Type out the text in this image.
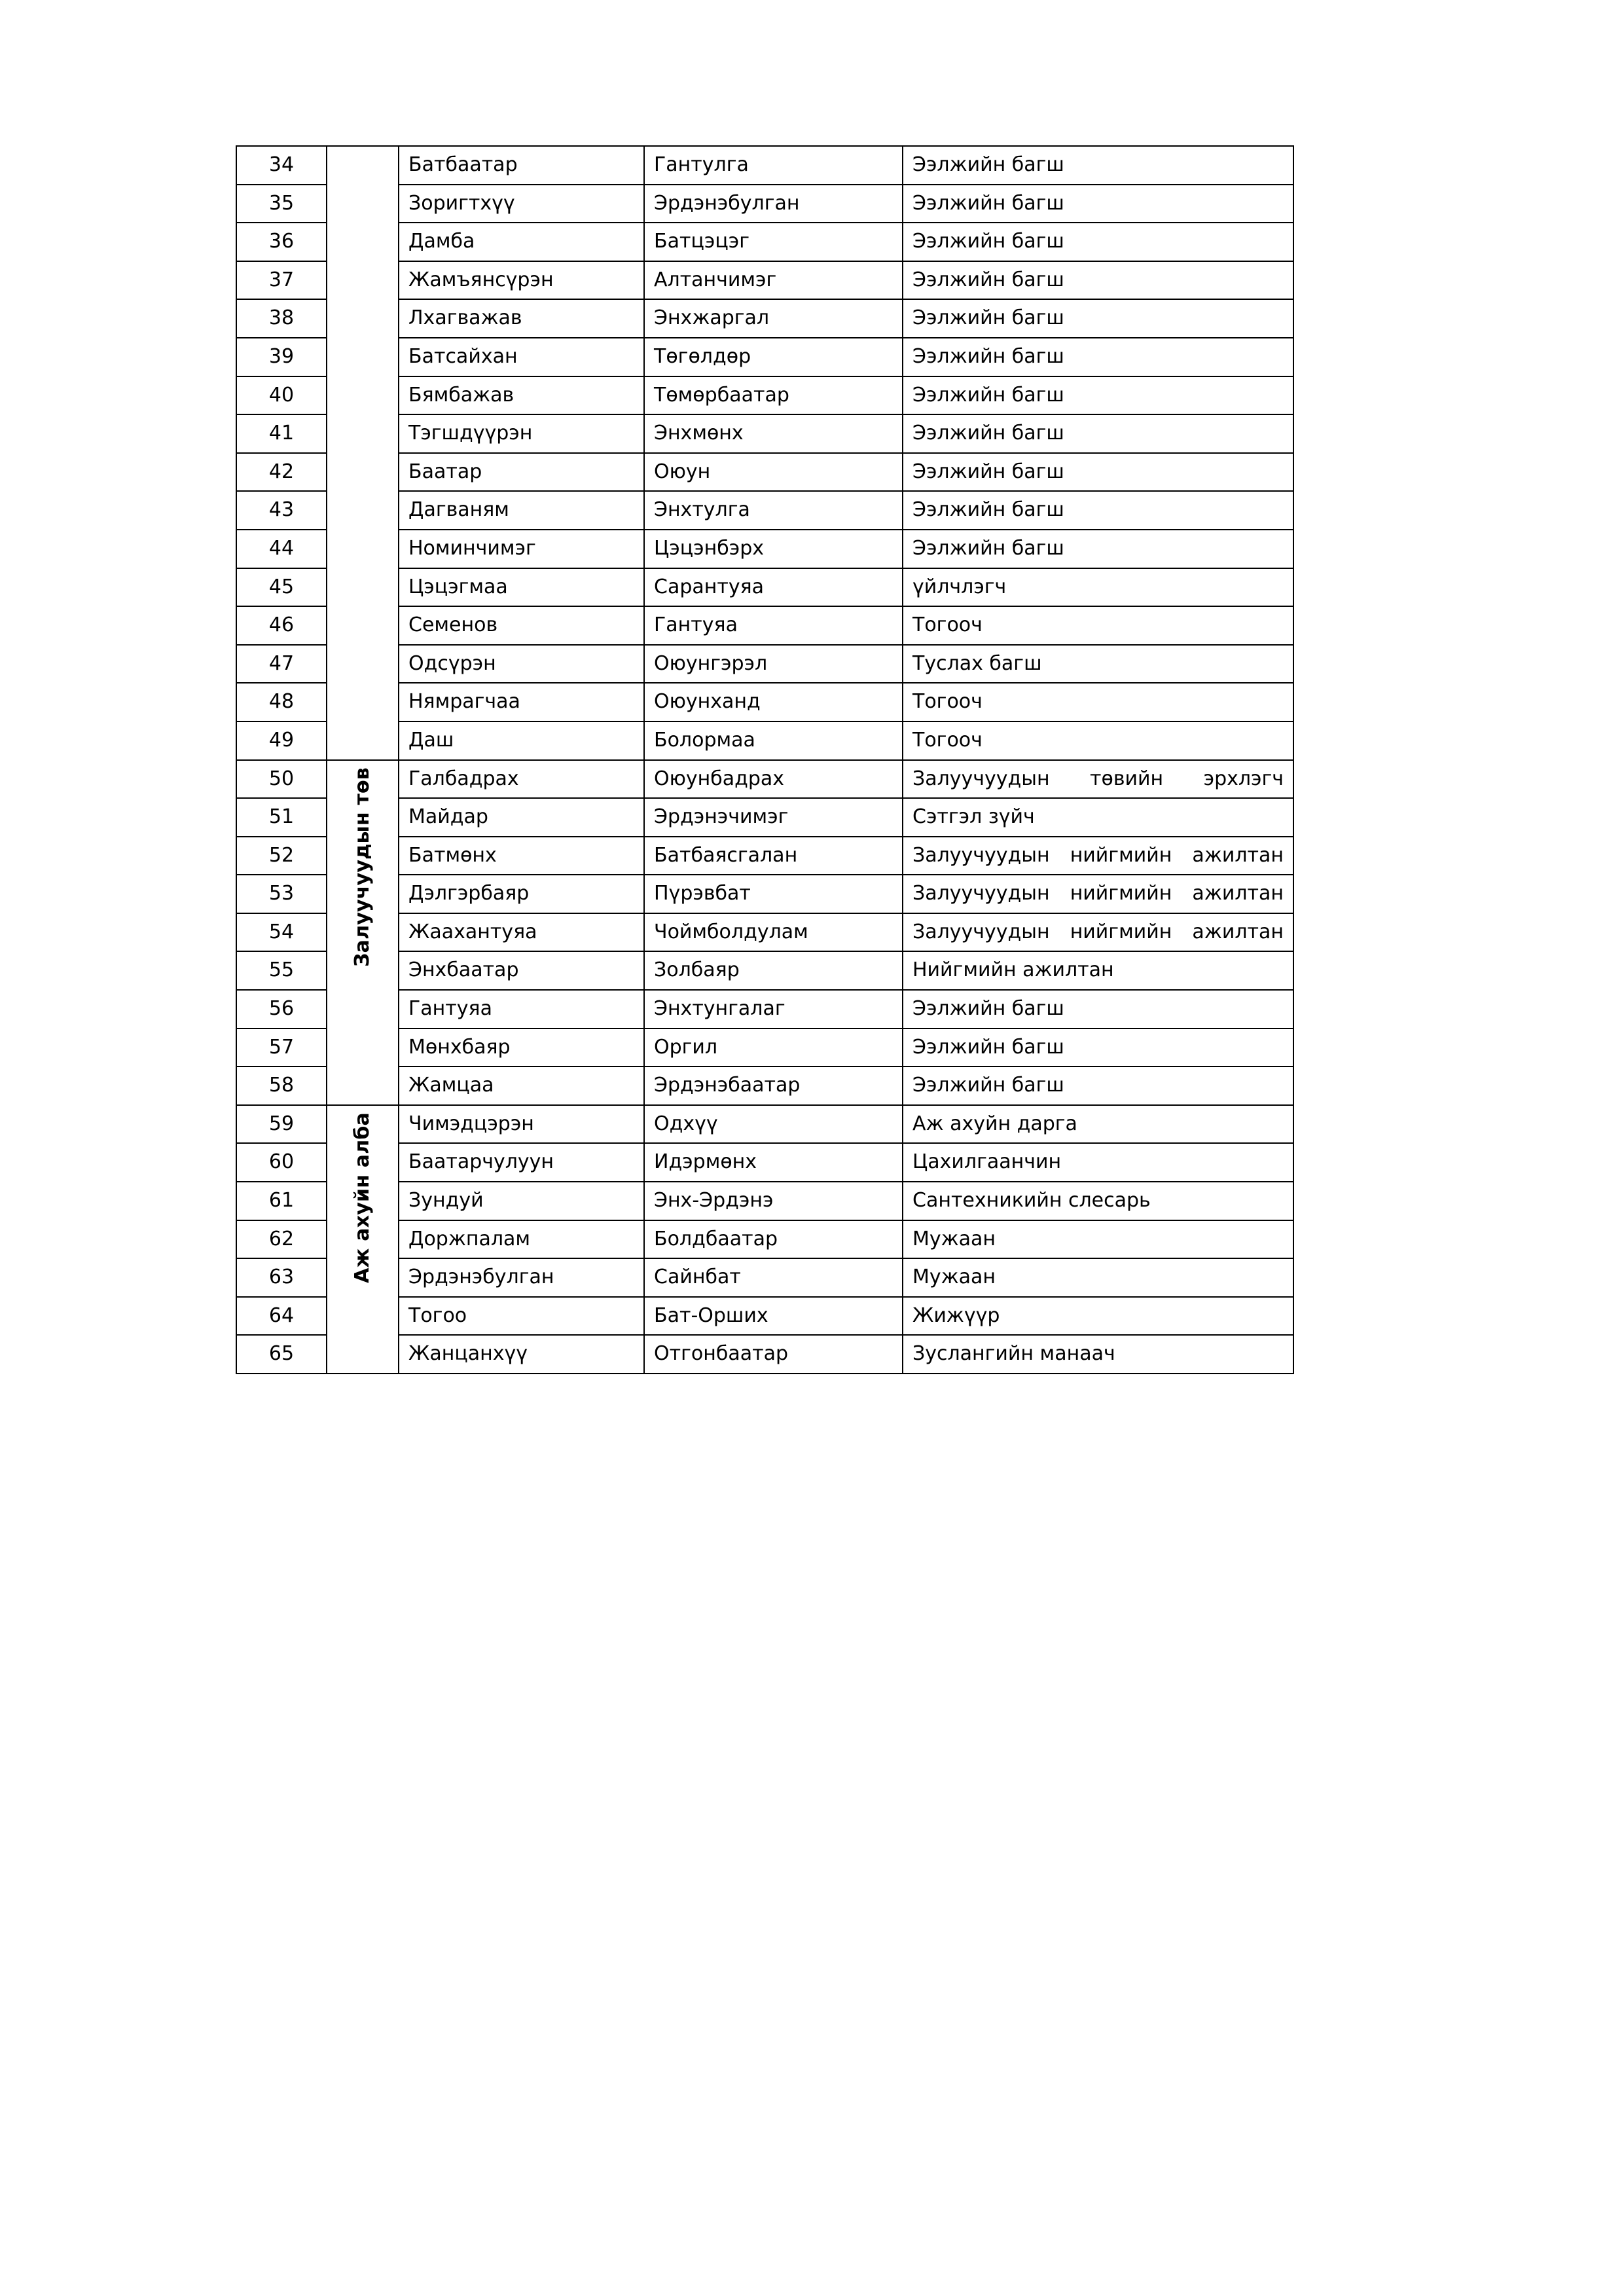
34		Батбаатар	Гантулга	Ээлжийн багш	
35		Зоригтхүү	Эрдэнэбулган	Ээлжийн багш	
36		Дамба	Батцэцэг	Ээлжийн багш	
37		Жамъянсүрэн	Алтанчимэг	Ээлжийн багш	
38		Лхагважав	Энхжаргал	Ээлжийн багш	
39		Батсайхан	Төгөлдөр	Ээлжийн багш	
40		Бямбажав	Төмөрбаатар	Ээлжийн багш	
41		Тэгшдүүрэн	Энхмөнх	Ээлжийн багш	
42		Баатар	Оюун	Ээлжийн багш	
43		Дагваням	Энхтулга	Ээлжийн багш	
44		Номинчимэг	Цэцэнбэрх	Ээлжийн багш	
45		Цэцэгмаа	Сарантуяа	үйлчлэгч	
46		Семенов	Гантуяа	Тогооч	
47		Одсүрэн	Оюунгэрэл	Туслах багш	
48		Нямрагчаа	Оюунханд	Тогооч	
49		Даш	Болормаа	Тогооч	
50	Залуучуудын төв	Галбадрах	Оюунбадрах	Залуучуудын төвийн эрхлэгч	
51		Майдар	Эрдэнэчимэг	Сэтгэл зүйч	
52		Батмөнх	Батбаясгалан	Залуучуудын нийгмийн ажилтан	
53		Дэлгэрбаяр	Пүрэвбат	Залуучуудын нийгмийн ажилтан	
54		Жаахантуяа	Чоймболдулам	Залуучуудын нийгмийн ажилтан	
55		Энхбаатар	Золбаяр	Нийгмийн ажилтан	
56		Гантуяа	Энхтунгалаг	Ээлжийн багш	
57		Мөнхбаяр	Оргил	Ээлжийн багш	
58		Жамцаа	Эрдэнэбаатар	Ээлжийн багш	
59	Аж ахуйн алба	Чимэдцэрэн	Одхүү	Аж ахуйн дарга	
60		Баатарчулуун	Идэрмөнх	Цахилгаанчин	
61		Зундуй	Энх-Эрдэнэ	Сантехникийн слесарь	
62		Доржпалам	Болдбаатар	Мужаан	
63		Эрдэнэбулган	Сайнбат	Мужаан	
64		Тогоо	Бат-Орших	Жижүүр	
65		Жанцанхүү	Отгонбаатар	Зуслангийн манаач	
